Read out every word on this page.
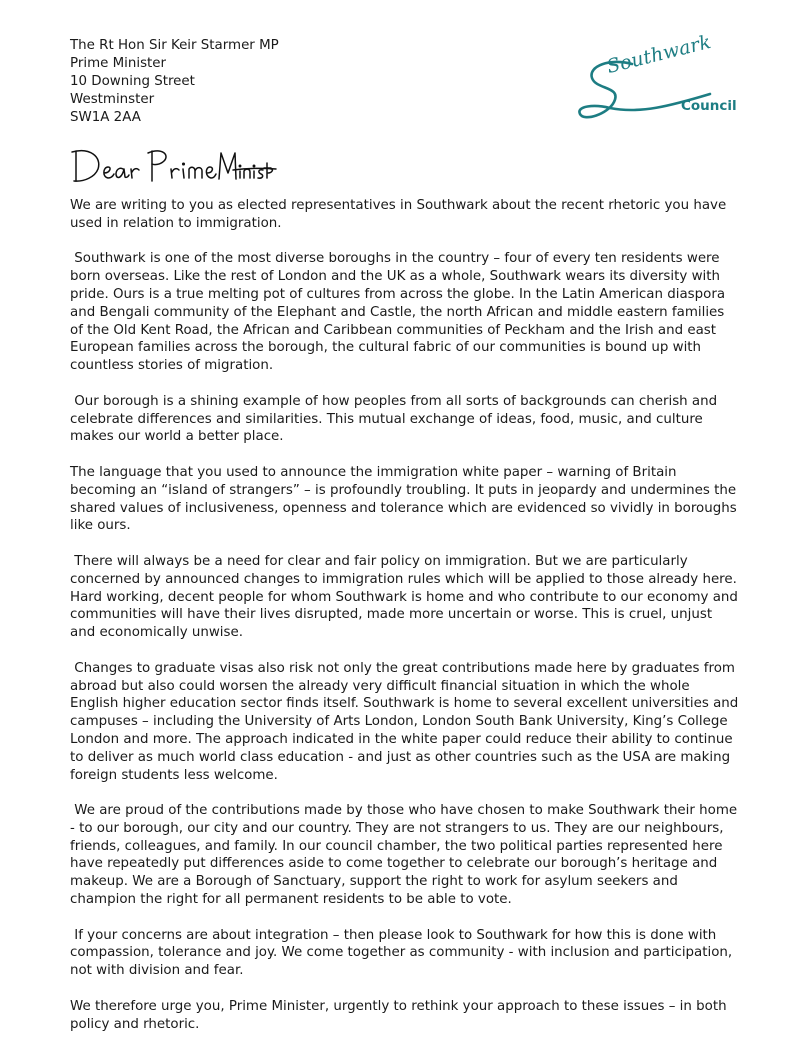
The Rt Hon Sir Keir Starmer MP
Prime Minister
10 Downing Street
Westminster
SW1A 2AA
Southwark
Council

We are writing to you as elected representatives in Southwark about the recent rhetoric you have used in relation to immigration.

Southwark is one of the most diverse boroughs in the country – four of every ten residents were born overseas. Like the rest of London and the UK as a whole, Southwark wears its diversity with pride. Ours is a true melting pot of cultures from across the globe. In the Latin American diaspora and Bengali community of the Elephant and Castle, the north African and middle eastern families of the Old Kent Road, the African and Caribbean communities of Peckham and the Irish and east European families across the borough, the cultural fabric of our communities is bound up with countless stories of migration.

Our borough is a shining example of how peoples from all sorts of backgrounds can cherish and celebrate differences and similarities. This mutual exchange of ideas, food, music, and culture makes our world a better place.

The language that you used to announce the immigration white paper – warning of Britain becoming an “island of strangers” – is profoundly troubling. It puts in jeopardy and undermines the shared values of inclusiveness, openness and tolerance which are evidenced so vividly in boroughs like ours.

There will always be a need for clear and fair policy on immigration. But we are particularly concerned by announced changes to immigration rules which will be applied to those already here. Hard working, decent people for whom Southwark is home and who contribute to our economy and communities will have their lives disrupted, made more uncertain or worse. This is cruel, unjust and economically unwise.

Changes to graduate visas also risk not only the great contributions made here by graduates from abroad but also could worsen the already very difficult financial situation in which the whole English higher education sector finds itself. Southwark is home to several excellent universities and campuses – including the University of Arts London, London South Bank University, King’s College London and more. The approach indicated in the white paper could reduce their ability to continue to deliver as much world class education - and just as other countries such as the USA are making foreign students less welcome.

We are proud of the contributions made by those who have chosen to make Southwark their home - to our borough, our city and our country. They are not strangers to us. They are our neighbours, friends, colleagues, and family. In our council chamber, the two political parties represented here have repeatedly put differences aside to come together to celebrate our borough’s heritage and makeup. We are a Borough of Sanctuary, support the right to work for asylum seekers and champion the right for all permanent residents to be able to vote.

If your concerns are about integration – then please look to Southwark for how this is done with compassion, tolerance and joy. We come together as community - with inclusion and participation, not with division and fear.

We therefore urge you, Prime Minister, urgently to rethink your approach to these issues – in both policy and rhetoric.
